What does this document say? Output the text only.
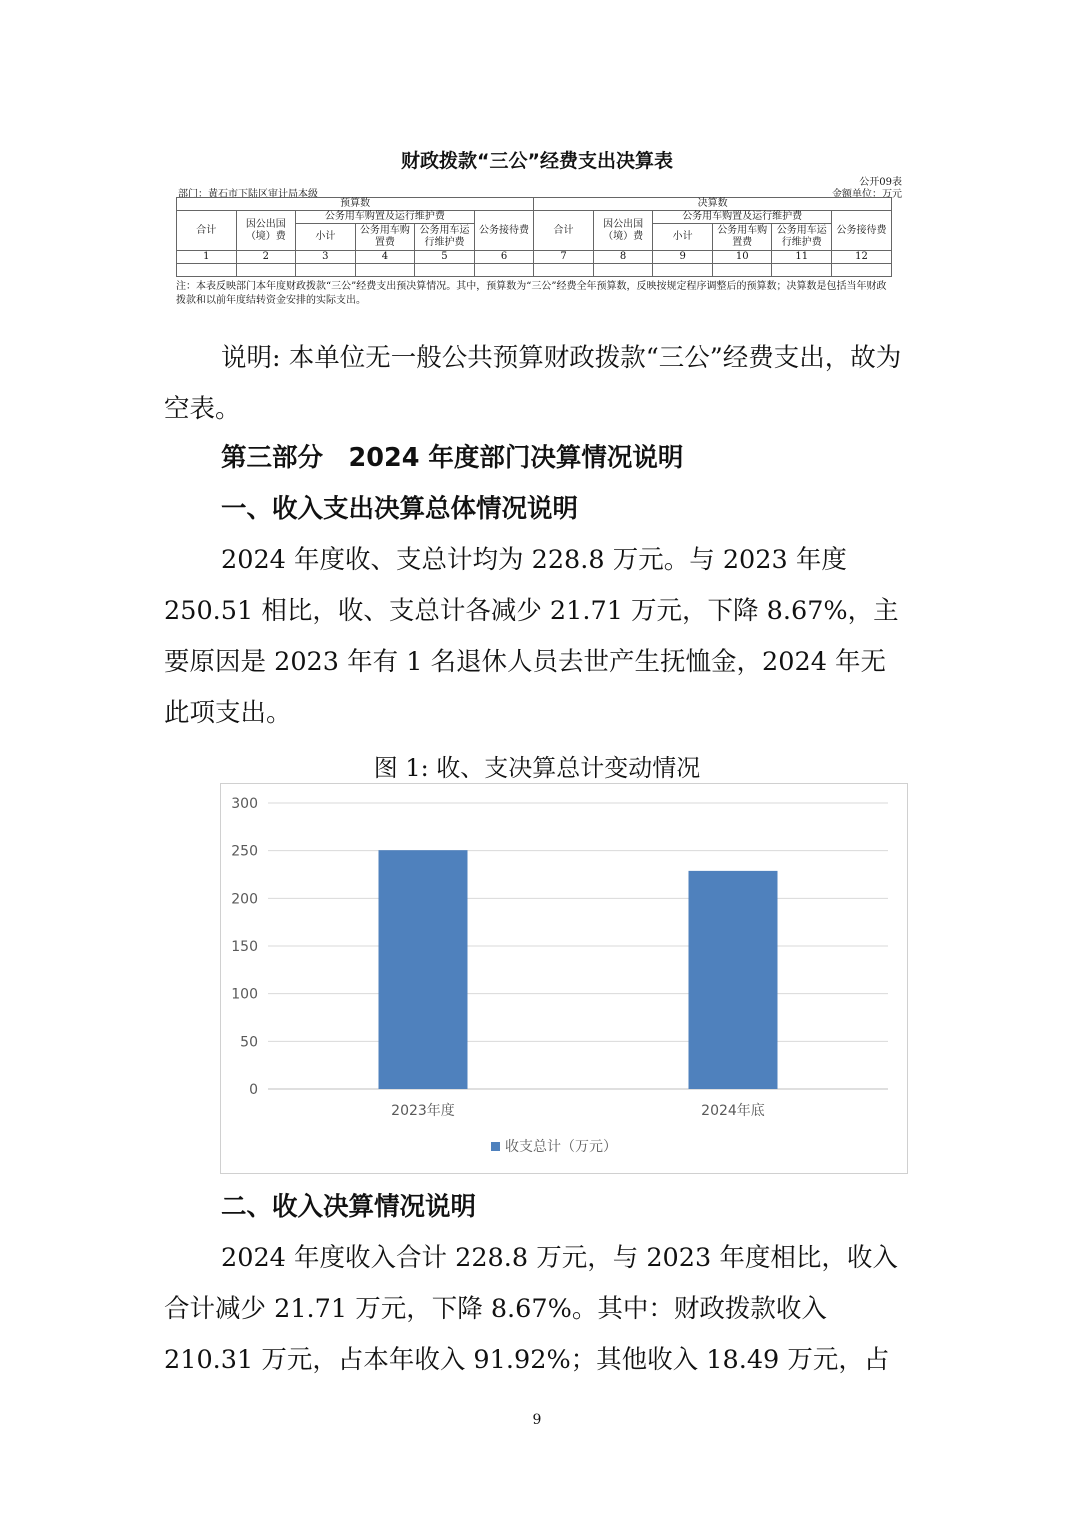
财政拨款“三公”经费支出决算表
公开09表
部门：黄石市下陆区审计局本级	金额单位：万元
预算数						决算数					
合计	因公出国（境）费	公务用车购置及运行维护费			公务接待费	合计	因公出国（境）费	公务用车购置及运行维护费			公务接待费
		小计	公务用车购置费	公务用车运行维护费				小计	公务用车购置费	公务用车运行维护费	
1	2	3	4	5	6	7	8	9	10	11	12

注：本表反映部门本年度财政拨款“三公”经费支出预决算情况。其中，预算数为“三公”经费全年预算数，反映按规定程序调整后的预算数；决算数是包括当年财政拨款和以前年度结转资金安排的实际支出。
说明: 本单位无一般公共预算财政拨款“三公”经费支出，故为空表。
第三部分　2024 年度部门决算情况说明
一、收入支出决算总体情况说明
2024 年度收、支总计均为 228.8 万元。与 2023 年度 250.51 相比，收、支总计各减少 21.71 万元，下降 8.67%，主要原因是 2023 年有 1 名退休人员去世产生抚恤金，2024 年无此项支出。
图 1: 收、支决算总计变动情况
0
50
100
150
200
250
300
2023年度	2024年底
收支总计（万元）
二、收入决算情况说明
2024 年度收入合计 228.8 万元，与 2023 年度相比，收入合计减少 21.71 万元，下降 8.67%。其中：财政拨款收入 210.31 万元，占本年收入 91.92%；其他收入 18.49 万元，占
9
